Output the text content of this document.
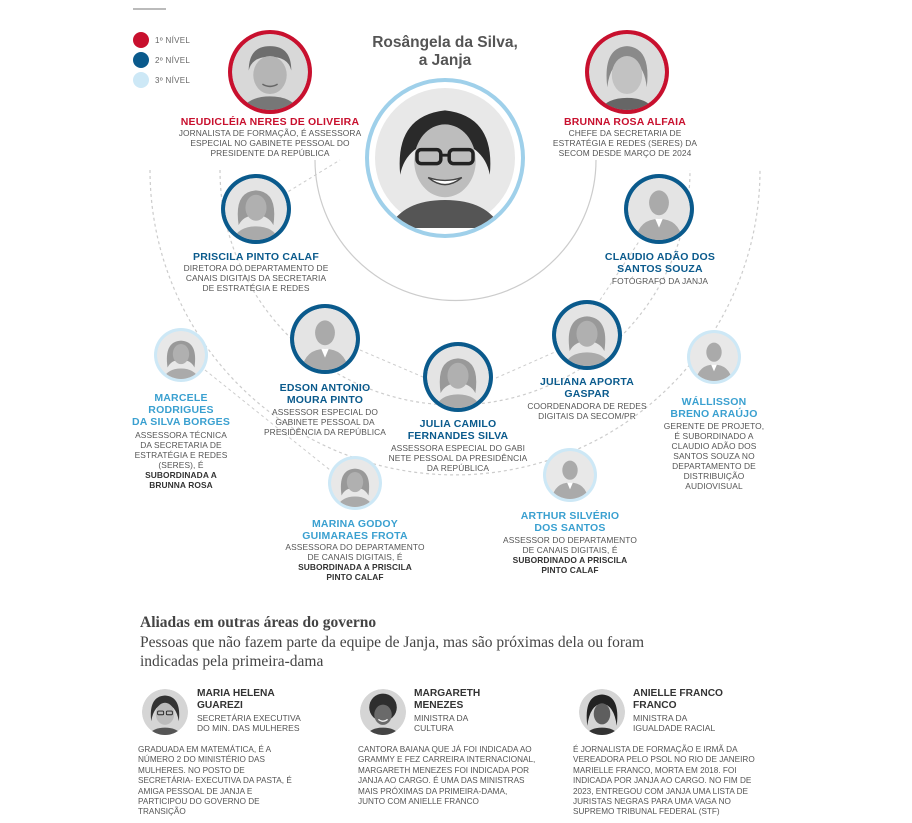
1º NÍVEL
2º NÍVEL
3º NÍVEL
Rosângela da Silva,
a Janja
NEUDICLÉIA NERES DE OLIVEIRA
JORNALISTA DE FORMAÇÃO, É ASSESSORA
ESPECIAL NO GABINETE PESSOAL DO
PRESIDENTE DA REPÚBLICA
BRUNNA ROSA ALFAIA
CHEFE DA SECRETARIA DE
ESTRATÉGIA E REDES (SERES) DA
SECOM DESDE MARÇO DE 2024
PRISCILA PINTO CALAF
DIRETORA DO DEPARTAMENTO DE
CANAIS DIGITAIS DA SECRETARIA
DE ESTRATÉGIA E REDES
CLAUDIO ADÃO DOS
SANTOS SOUZA
FOTÓGRAFO DA JANJA
EDSON ANTONIO
MOURA PINTO
ASSESSOR ESPECIAL DO
GABINETE PESSOAL DA
PRESIDÊNCIA DA REPÚBLICA
JULIANA APORTA
GASPAR
COORDENADORA DE REDES
DIGITAIS DA SECOM/PR
JULIA CAMILO
FERNANDES SILVA
ASSESSORA ESPECIAL DO GABI
NETE PESSOAL DA PRESIDÊNCIA
DA REPÚBLICA
MARCELE
RODRIGUES
DA SILVA BORGES
ASSESSORA TÉCNICA
DA SECRETARIA DE
ESTRATÉGIA E REDES
(SERES), É
SUBORDINADA A
BRUNNA ROSA
WÁLLISSON
BRENO ARAÚJO
GERENTE DE PROJETO,
É SUBORDINADO A
CLAUDIO ADÃO DOS
SANTOS SOUZA NO
DEPARTAMENTO DE
DISTRIBUIÇÃO
AUDIOVISUAL
MARINA GODOY
GUIMARAES FROTA
ASSESSORA DO DEPARTAMENTO
DE CANAIS DIGITAIS, É
SUBORDINADA A PRISCILA
PINTO CALAF
ARTHUR SILVÉRIO
DOS SANTOS
ASSESSOR DO DEPARTAMENTO
DE CANAIS DIGITAIS, É
SUBORDINADO A PRISCILA
PINTO CALAF
Aliadas em outras áreas do governo
Pessoas que não fazem parte da equipe de Janja, mas são próximas dela ou foram indicadas pela primeira-dama
MARIA HELENA
GUAREZI
SECRETÁRIA EXECUTIVA
DO MIN. DAS MULHERES
GRADUADA EM MATEMÁTICA, É A
NÚMERO 2 DO MINISTÉRIO DAS
MULHERES. NO POSTO DE
SECRETÁRIA- EXECUTIVA DA PASTA, É
AMIGA PESSOAL DE JANJA E
PARTICIPOU DO GOVERNO DE
TRANSIÇÃO
MARGARETH
MENEZES
MINISTRA DA
CULTURA
CANTORA BAIANA QUE JÁ FOI INDICADA AO
GRAMMY E FEZ CARREIRA INTERNACIONAL,
MARGARETH MENEZES FOI INDICADA POR
JANJA AO CARGO. É UMA DAS MINISTRAS
MAIS PRÓXIMAS DA PRIMEIRA-DAMA,
JUNTO COM ANIELLE FRANCO
ANIELLE FRANCO
FRANCO
MINISTRA DA
IGUALDADE RACIAL
É JORNALISTA DE FORMAÇÃO E IRMÃ DA
VEREADORA PELO PSOL NO RIO DE JANEIRO
MARIELLE FRANCO, MORTA EM 2018. FOI
INDICADA POR JANJA AO CARGO. NO FIM DE
2023, ENTREGOU COM JANJA UMA LISTA DE
JURISTAS NEGRAS PARA UMA VAGA NO
SUPREMO TRIBUNAL FEDERAL (STF)
